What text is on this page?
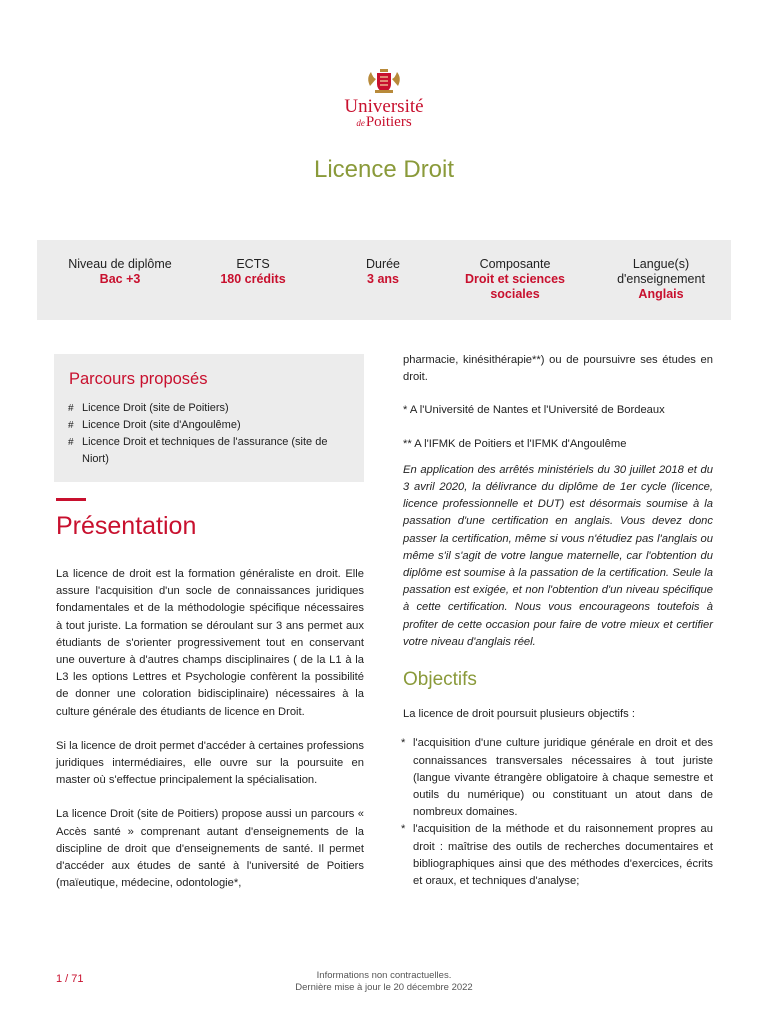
Université
dePoitiers
Licence Droit
Niveau de diplôme
Bac +3
ECTS
180 crédits
Durée
3 ans
Composante
Droit et sciences
sociales
Langue(s)
d'enseignement
Anglais
Parcours proposés
# Licence Droit (site de Poitiers)
# Licence Droit (site d'Angoulême)
# Licence Droit et techniques de l'assurance (site de Niort)
Présentation

La licence de droit est la formation généraliste en droit. Elle assure l'acquisition d'un socle de connaissances juridiques fondamentales et de la méthodologie spécifique nécessaires à tout juriste. La formation se déroulant sur 3 ans permet aux étudiants de s'orienter progressivement tout en conservant une ouverture à d'autres champs disciplinaires ( de la L1 à la L3 les options Lettres et Psychologie confèrent la possibilité de donner une coloration bidisciplinaire) nécessaires à la culture générale des étudiants de licence en Droit.

Si la licence de droit permet d'accéder à certaines professions juridiques intermédiaires, elle ouvre sur la poursuite en master où s'effectue principalement la spécialisation.

La licence Droit (site de Poitiers) propose aussi un parcours « Accès santé » comprenant autant d'enseignements de la discipline de droit que d'enseignements de santé. Il permet d'accéder aux études de santé à l'université de Poitiers (maïeutique, médecine, odontologie*,

pharmacie, kinésithérapie**) ou de poursuivre ses études en droit.

* A l'Université de Nantes et l'Université de Bordeaux

** A l'IFMK de Poitiers et l'IFMK d'Angoulême

En application des arrêtés ministériels du 30 juillet 2018 et du 3 avril 2020, la délivrance du diplôme de 1er cycle (licence, licence professionnelle et DUT) est désormais soumise à la passation d'une certification en anglais. Vous devez donc passer la certification, même si vous n'étudiez pas l'anglais ou même s'il s'agit de votre langue maternelle, car l'obtention du diplôme est soumise à la passation de la certification. Seule la passation est exigée, et non l'obtention d'un niveau spécifique à cette certification. Nous vous encourageons toutefois à profiter de cette occasion pour faire de votre mieux et certifier votre niveau d'anglais réel.

Objectifs

La licence de droit poursuit plusieurs objectifs :

* l'acquisition d'une culture juridique générale en droit et des connaissances transversales nécessaires à tout juriste (langue vivante étrangère obligatoire à chaque semestre et outils du numérique) ou constituant un atout dans de nombreux domaines.
* l'acquisition de la méthode et du raisonnement propres au droit : maîtrise des outils de recherches documentaires et bibliographiques ainsi que des méthodes d'exercices, écrits et oraux, et techniques d'analyse;
1 / 71	Informations non contractuelles.
Dernière mise à jour le 20 décembre 2022
